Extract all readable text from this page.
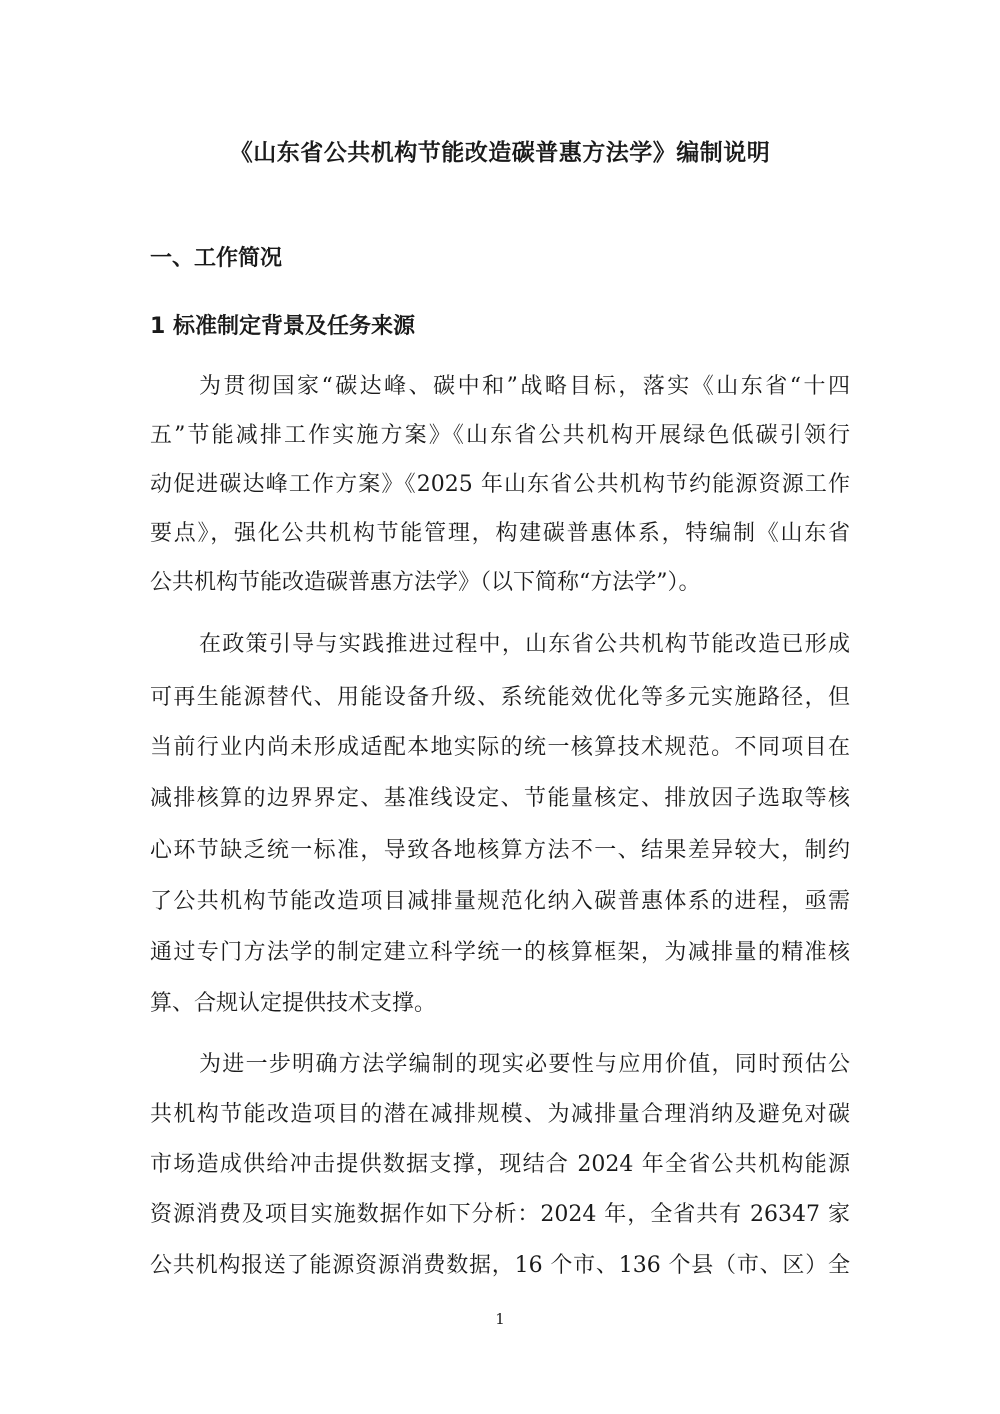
《山东省公共机构节能改造碳普惠方法学》编制说明
一、工作简况
1 标准制定背景及任务来源
为贯彻国家“碳达峰、碳中和”战略目标，落实《山东省“十四
五”节能减排工作实施方案》《山东省公共机构开展绿色低碳引领行
动促进碳达峰工作方案》《2025 年山东省公共机构节约能源资源工作
要点》，强化公共机构节能管理，构建碳普惠体系，特编制《山东省
公共机构节能改造碳普惠方法学》（以下简称“方法学”）。
在政策引导与实践推进过程中，山东省公共机构节能改造已形成
可再生能源替代、用能设备升级、系统能效优化等多元实施路径，但
当前行业内尚未形成适配本地实际的统一核算技术规范。不同项目在
减排核算的边界界定、基准线设定、节能量核定、排放因子选取等核
心环节缺乏统一标准，导致各地核算方法不一、结果差异较大，制约
了公共机构节能改造项目减排量规范化纳入碳普惠体系的进程，亟需
通过专门方法学的制定建立科学统一的核算框架，为减排量的精准核
算、合规认定提供技术支撑。
为进一步明确方法学编制的现实必要性与应用价值，同时预估公
共机构节能改造项目的潜在减排规模、为减排量合理消纳及避免对碳
市场造成供给冲击提供数据支撑，现结合 2024 年全省公共机构能源
资源消费及项目实施数据作如下分析：2024 年，全省共有 26347 家
公共机构报送了能源资源消费数据，16 个市、136 个县（市、区）全
1
